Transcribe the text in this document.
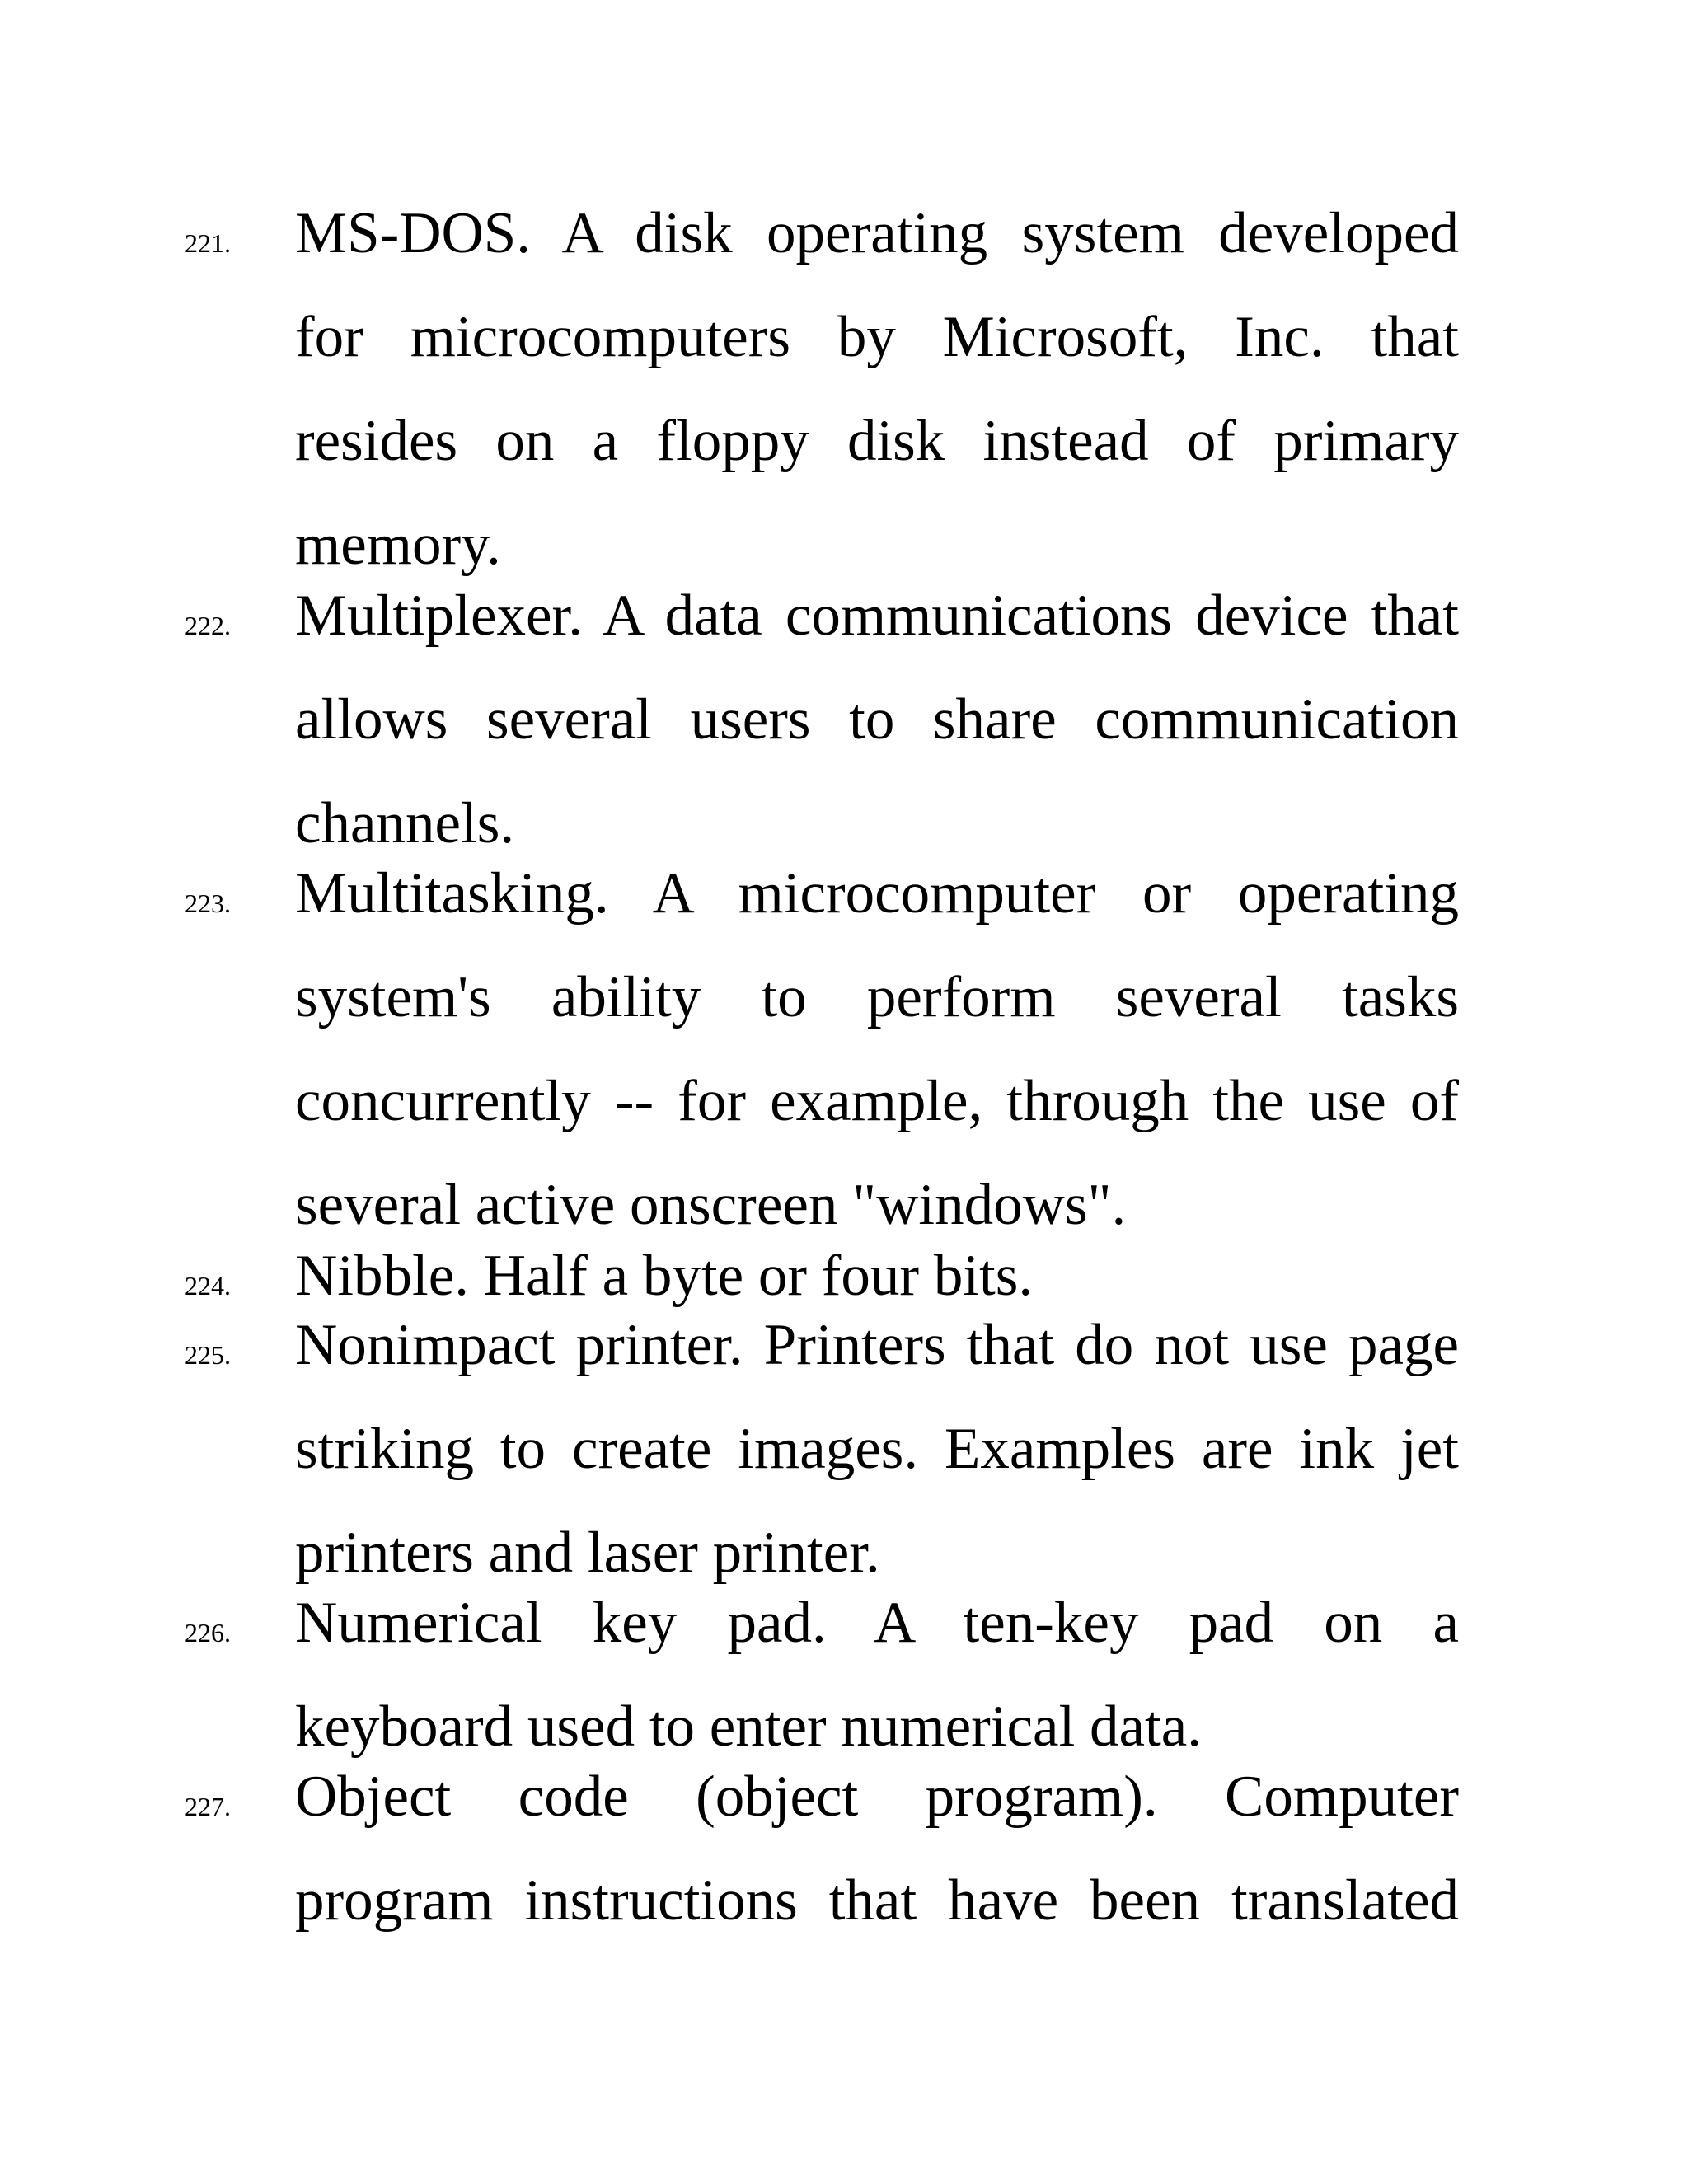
221. MS-DOS. A disk operating system developed
for microcomputers by Microsoft, Inc. that
resides on a floppy disk instead of primary
memory.
222. Multiplexer. A data communications device that
allows several users to share communication
channels.
223. Multitasking. A microcomputer or operating
system's ability to perform several tasks
concurrently -- for example, through the use of
several active onscreen "windows".
224. Nibble. Half a byte or four bits.
225. Nonimpact printer. Printers that do not use page
striking to create images. Examples are ink jet
printers and laser printer.
226. Numerical key pad. A ten-key pad on a
keyboard used to enter numerical data.
227. Object code (object program). Computer
program instructions that have been translated
